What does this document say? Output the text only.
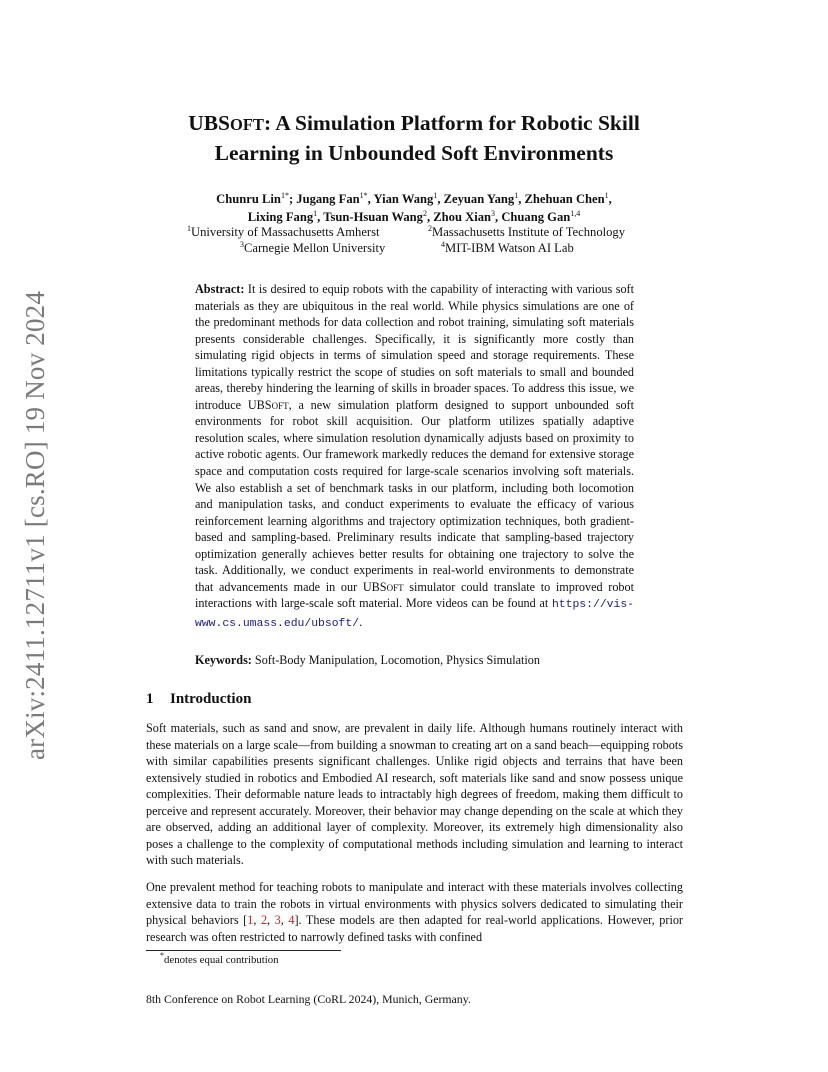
arXiv:2411.12711v1 [cs.RO] 19 Nov 2024
UBSOFT: A Simulation Platform for Robotic Skill
Learning in Unbounded Soft Environments
Chunru Lin$^{1*}$; Jugang Fan$^{1*}$, Yian Wang$^1$, Zeyuan Yang$^1$, Zhehuan Chen$^1$,
Lixing Fang$^1$, Tsun-Hsuan Wang$^2$, Zhou Xian$^3$, Chuang Gan$^{1,4}$
$^1$University of Massachusetts Amherst	$^2$Massachusetts Institute of Technology
$^3$Carnegie Mellon University	$^4$MIT-IBM Watson AI Lab
Abstract: It is desired to equip robots with the capability of interacting with various soft materials as they are ubiquitous in the real world. While physics simulations are one of the predominant methods for data collection and robot training, simulating soft materials presents considerable challenges. Specifically, it is significantly more costly than simulating rigid objects in terms of simulation speed and storage requirements. These limitations typically restrict the scope of studies on soft materials to small and bounded areas, thereby hindering the learning of skills in broader spaces. To address this issue, we introduce UBSoft, a new simulation platform designed to support unbounded soft environments for robot skill acquisition. Our platform utilizes spatially adaptive resolution scales, where simulation resolution dynamically adjusts based on proximity to active robotic agents. Our framework markedly reduces the demand for extensive storage space and computation costs required for large-scale scenarios involving soft materials. We also establish a set of benchmark tasks in our platform, including both locomotion and manipulation tasks, and conduct experiments to evaluate the efficacy of various reinforcement learning algorithms and trajectory optimization techniques, both gradient-based and sampling-based. Preliminary results indicate that sampling-based trajectory optimization generally achieves better results for obtaining one trajectory to solve the task. Additionally, we conduct experiments in real-world environments to demonstrate that advancements made in our UBSoft simulator could translate to improved robot interactions with large-scale soft material. More videos can be found at https://vis-www.cs.umass.edu/ubsoft/.
Keywords: Soft-Body Manipulation, Locomotion, Physics Simulation
1 Introduction
Soft materials, such as sand and snow, are prevalent in daily life. Although humans routinely interact with these materials on a large scale—from building a snowman to creating art on a sand beach—equipping robots with similar capabilities presents significant challenges. Unlike rigid objects and terrains that have been extensively studied in robotics and Embodied AI research, soft materials like sand and snow possess unique complexities. Their deformable nature leads to intractably high degrees of freedom, making them difficult to perceive and represent accurately. Moreover, their behavior may change depending on the scale at which they are observed, adding an additional layer of complexity. Moreover, its extremely high dimensionality also poses a challenge to the complexity of computational methods including simulation and learning to interact with such materials.
One prevalent method for teaching robots to manipulate and interact with these materials involves collecting extensive data to train the robots in virtual environments with physics solvers dedicated to simulating their physical behaviors [1, 2, 3, 4]. These models are then adapted for real-world applications. However, prior research was often restricted to narrowly defined tasks with confined
*denotes equal contribution
8th Conference on Robot Learning (CoRL 2024), Munich, Germany.
